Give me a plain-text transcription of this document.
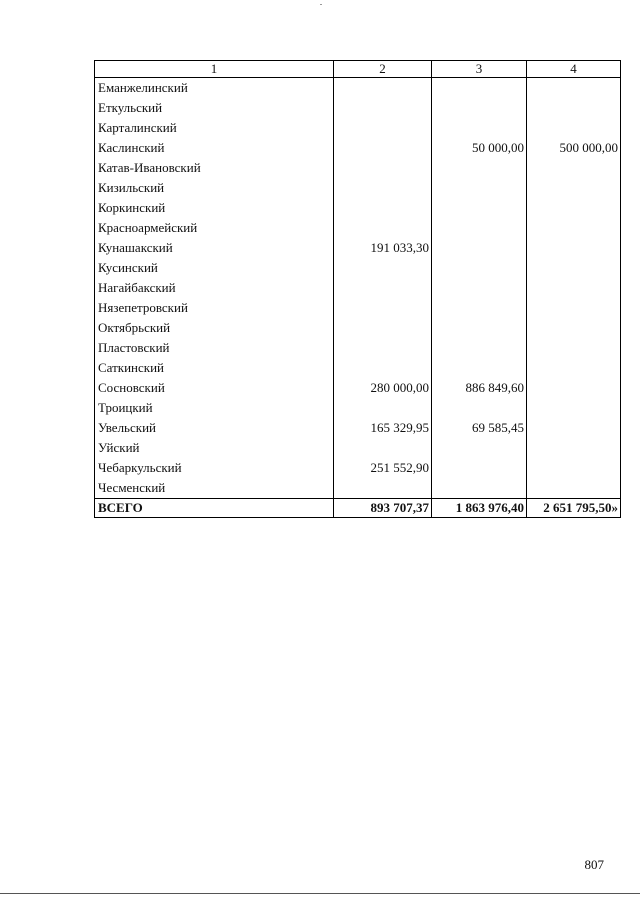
1	2	3	4
Еманжелинский			
Еткульский			
Карталинский			
Каслинский		50 000,00	500 000,00
Катав-Ивановский			
Кизильский			
Коркинский			
Красноармейский			
Кунашакский	191 033,30		
Кусинский			
Нагайбакский			
Нязепетровский			
Октябрьский			
Пластовский			
Саткинский			
Сосновский	280 000,00	886 849,60	
Троицкий			
Увельский	165 329,95	69 585,45	
Уйский			
Чебаркульский	251 552,90		
Чесменский			
ВСЕГО	893 707,37	1 863 976,40	2 651 795,50»
807
